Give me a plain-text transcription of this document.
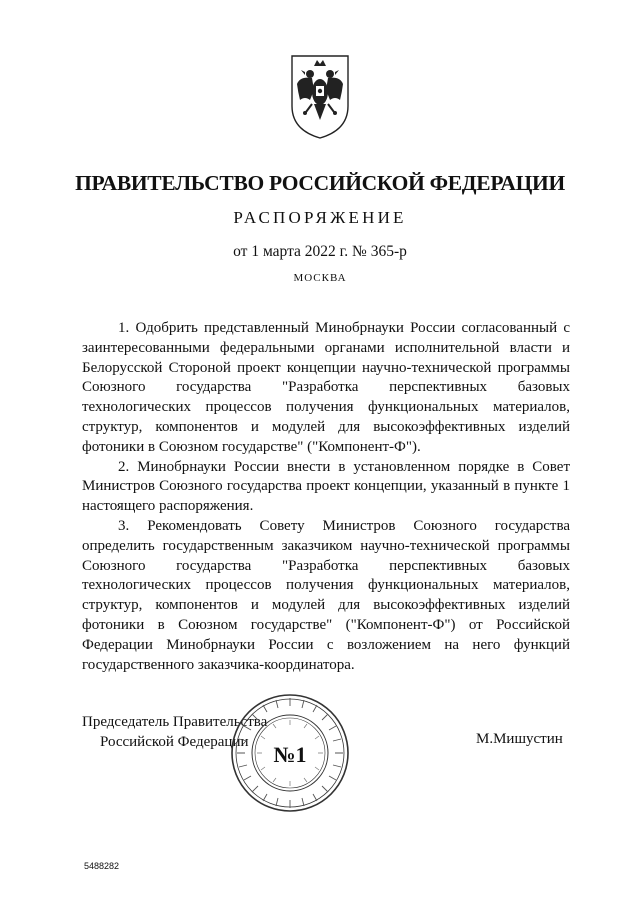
ПРАВИТЕЛЬСТВО РОССИЙСКОЙ ФЕДЕРАЦИИ
РАСПОРЯЖЕНИЕ
от 1 марта 2022 г. № 365-р
МОСКВА

1. Одобрить представленный Минобрнауки России согласованный с заинтересованными федеральными органами исполнительной власти и Белорусской Стороной проект концепции научно-технической программы Союзного государства "Разработка перспективных базовых технологических процессов получения функциональных материалов, структур, компонентов и модулей для высокоэффективных изделий фотоники в Союзном государстве" ("Компонент-Ф").

2. Минобрнауки России внести в установленном порядке в Совет Министров Союзного государства проект концепции, указанный в пункте 1 настоящего распоряжения.

3. Рекомендовать Совету Министров Союзного государства определить государственным заказчиком научно-технической программы Союзного государства "Разработка перспективных базовых технологических процессов получения функциональных материалов, структур, компонентов и модулей для высокоэффективных изделий фотоники в Союзном государстве" ("Компонент-Ф") от Российской Федерации Минобрнауки России с возложением на него функций государственного заказчика-координатора.

Председатель Правительства
Российской Федерации	М.Мишустин
№1
5488282
